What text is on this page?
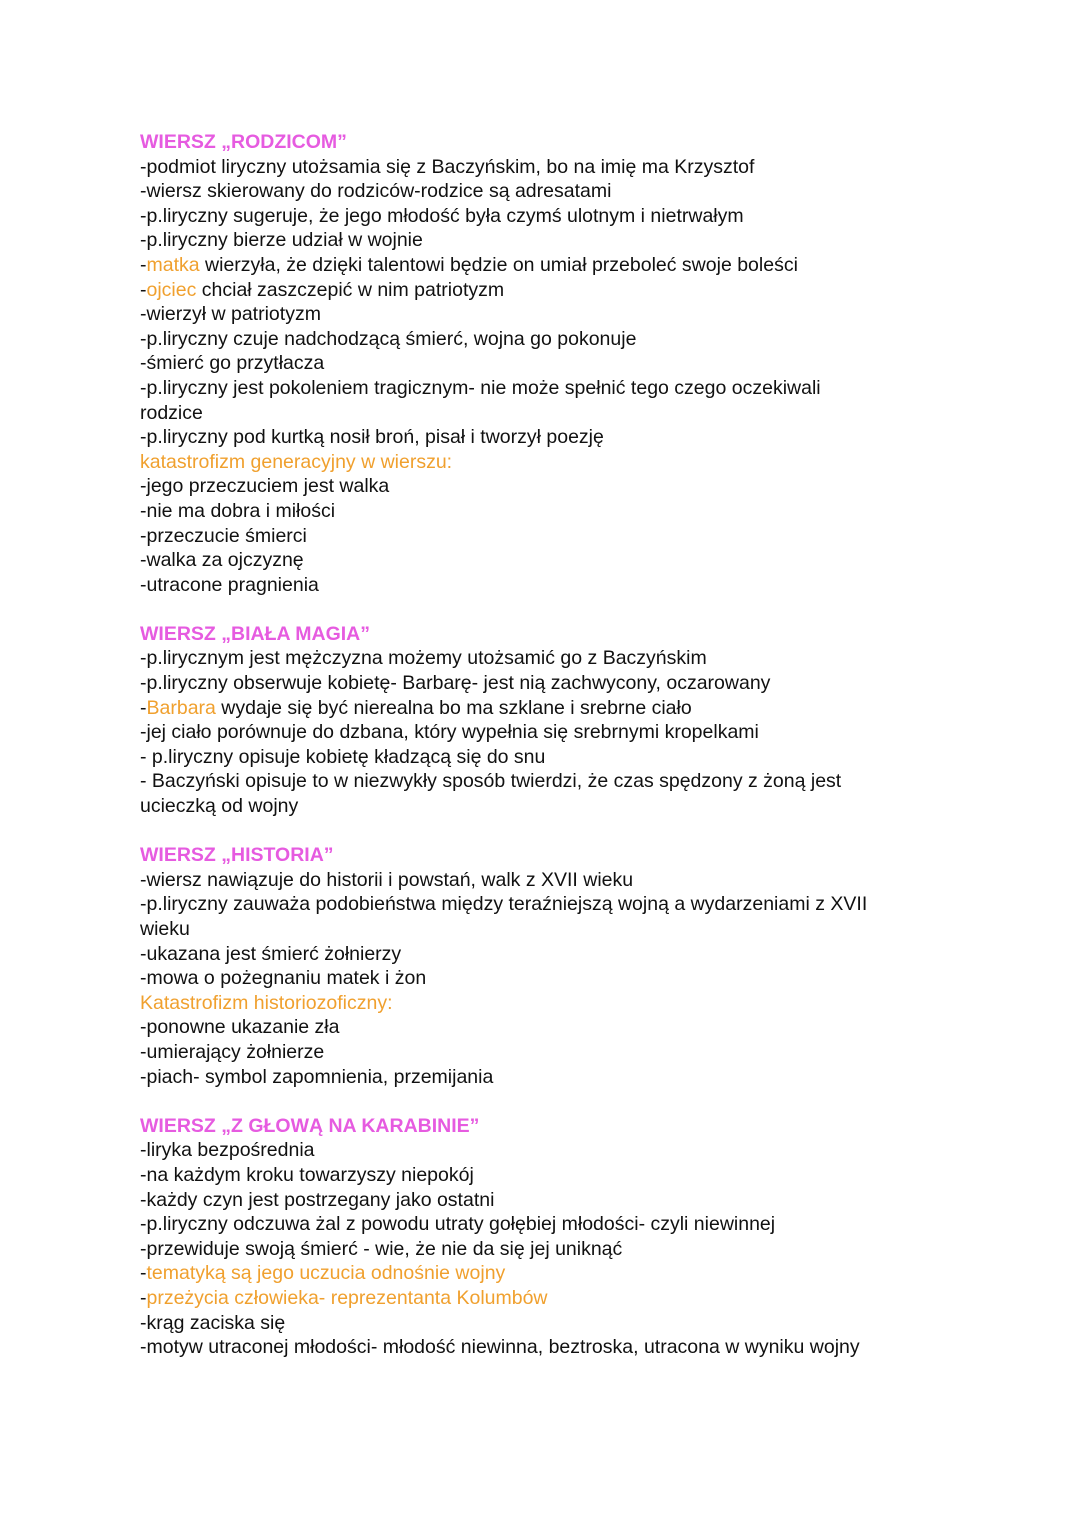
WIERSZ „RODZICOM”

-podmiot liryczny utożsamia się z Baczyńskim, bo na imię ma Krzysztof

-wiersz skierowany do rodziców-rodzice są adresatami

-p.liryczny sugeruje, że jego młodość była czymś ulotnym i nietrwałym

-p.liryczny bierze udział w wojnie

-matka wierzyła, że dzięki talentowi będzie on umiał przeboleć swoje boleści

-ojciec chciał zaszczepić w nim patriotyzm

-wierzył w patriotyzm

-p.liryczny czuje nadchodzącą śmierć, wojna go pokonuje

-śmierć go przytłacza

-p.liryczny jest pokoleniem tragicznym- nie może spełnić tego czego oczekiwali

rodzice

-p.liryczny pod kurtką nosił broń, pisał i tworzył poezję

katastrofizm generacyjny w wierszu:

-jego przeczuciem jest walka

-nie ma dobra i miłości

-przeczucie śmierci

-walka za ojczyznę

-utracone pragnienia

WIERSZ „BIAŁA MAGIA”

-p.lirycznym jest mężczyzna możemy utożsamić go z Baczyńskim

-p.liryczny obserwuje kobietę- Barbarę- jest nią zachwycony, oczarowany

-Barbara wydaje się być nierealna bo ma szklane i srebrne ciało

-jej ciało porównuje do dzbana, który wypełnia się srebrnymi kropelkami

- p.liryczny opisuje kobietę kładzącą się do snu

- Baczyński opisuje to w niezwykły sposób twierdzi, że czas spędzony z żoną jest

ucieczką od wojny

WIERSZ „HISTORIA”

-wiersz nawiązuje do historii i powstań, walk z XVII wieku

-p.liryczny zauważa podobieństwa między teraźniejszą wojną a wydarzeniami z XVII

wieku

-ukazana jest śmierć żołnierzy

-mowa o pożegnaniu matek i żon

Katastrofizm historiozoficzny:

-ponowne ukazanie zła

-umierający żołnierze

-piach- symbol zapomnienia, przemijania

WIERSZ „Z GŁOWĄ NA KARABINIE”

-liryka bezpośrednia

-na każdym kroku towarzyszy niepokój

-każdy czyn jest postrzegany jako ostatni

-p.liryczny odczuwa żal z powodu utraty gołębiej młodości- czyli niewinnej

-przewiduje swoją śmierć - wie, że nie da się jej uniknąć

-tematyką są jego uczucia odnośnie wojny

-przeżycia człowieka- reprezentanta Kolumbów

-krąg zaciska się

-motyw utraconej młodości- młodość niewinna, beztroska, utracona w wyniku wojny
